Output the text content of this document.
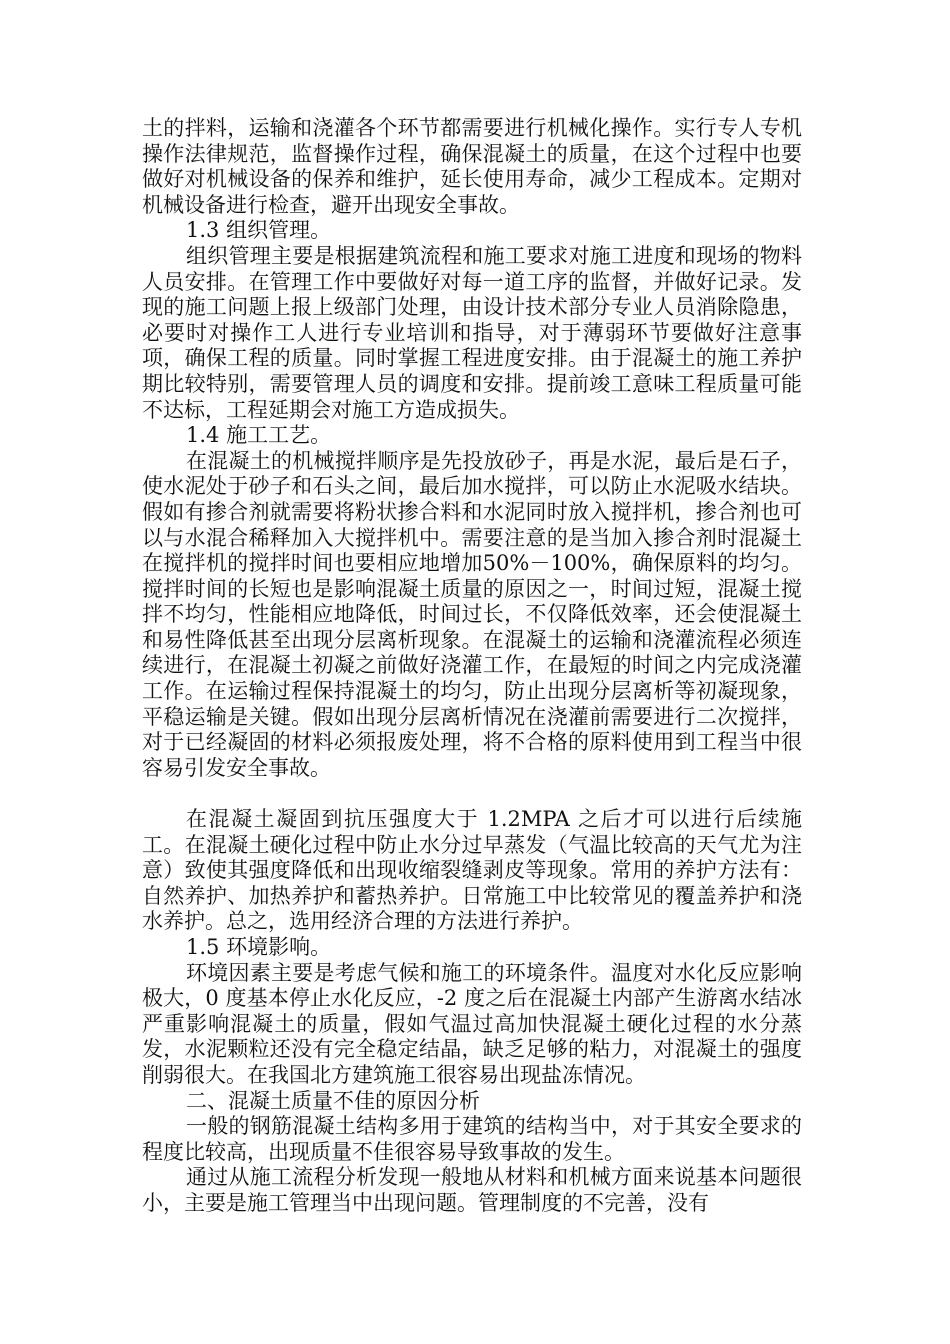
土的拌料，运输和浇灌各个环节都需要进行机械化操作。实行专人专机操作法律规范，监督操作过程，确保混凝土的质量，在这个过程中也要做好对机械设备的保养和维护，延长使用寿命，减少工程成本。定期对机械设备进行检查，避开出现安全事故。

1.3 组织管理。

组织管理主要是根据建筑流程和施工要求对施工进度和现场的物料人员安排。在管理工作中要做好对每一道工序的监督，并做好记录。发现的施工问题上报上级部门处理，由设计技术部分专业人员消除隐患，必要时对操作工人进行专业培训和指导，对于薄弱环节要做好注意事项，确保工程的质量。同时掌握工程进度安排。由于混凝土的施工养护期比较特别，需要管理人员的调度和安排。提前竣工意味工程质量可能不达标，工程延期会对施工方造成损失。

1.4 施工工艺。

在混凝土的机械搅拌顺序是先投放砂子，再是水泥，最后是石子，使水泥处于砂子和石头之间，最后加水搅拌，可以防止水泥吸水结块。假如有掺合剂就需要将粉状掺合料和水泥同时放入搅拌机，掺合剂也可以与水混合稀释加入大搅拌机中。需要注意的是当加入掺合剂时混凝土在搅拌机的搅拌时间也要相应地增加50%－100%，确保原料的均匀。搅拌时间的长短也是影响混凝土质量的原因之一，时间过短，混凝土搅拌不均匀，性能相应地降低，时间过长，不仅降低效率，还会使混凝土和易性降低甚至出现分层离析现象。在混凝土的运输和浇灌流程必须连续进行，在混凝土初凝之前做好浇灌工作，在最短的时间之内完成浇灌工作。在运输过程保持混凝土的均匀，防止出现分层离析等初凝现象，平稳运输是关键。假如出现分层离析情况在浇灌前需要进行二次搅拌，对于已经凝固的材料必须报废处理，将不合格的原料使用到工程当中很容易引发安全事故。

在混凝土凝固到抗压强度大于 1.2MPA 之后才可以进行后续施工。在混凝土硬化过程中防止水分过早蒸发（气温比较高的天气尤为注意）致使其强度降低和出现收缩裂缝剥皮等现象。常用的养护方法有：自然养护、加热养护和蓄热养护。日常施工中比较常见的覆盖养护和浇水养护。总之，选用经济合理的方法进行养护。

1.5 环境影响。

环境因素主要是考虑气候和施工的环境条件。温度对水化反应影响极大，0 度基本停止水化反应，-2 度之后在混凝土内部产生游离水结冰严重影响混凝土的质量，假如气温过高加快混凝土硬化过程的水分蒸发，水泥颗粒还没有完全稳定结晶，缺乏足够的粘力，对混凝土的强度削弱很大。在我国北方建筑施工很容易出现盐冻情况。

二、混凝土质量不佳的原因分析

一般的钢筋混凝土结构多用于建筑的结构当中，对于其安全要求的程度比较高，出现质量不佳很容易导致事故的发生。

通过从施工流程分析发现一般地从材料和机械方面来说基本问题很小，主要是施工管理当中出现问题。管理制度的不完善，没有
